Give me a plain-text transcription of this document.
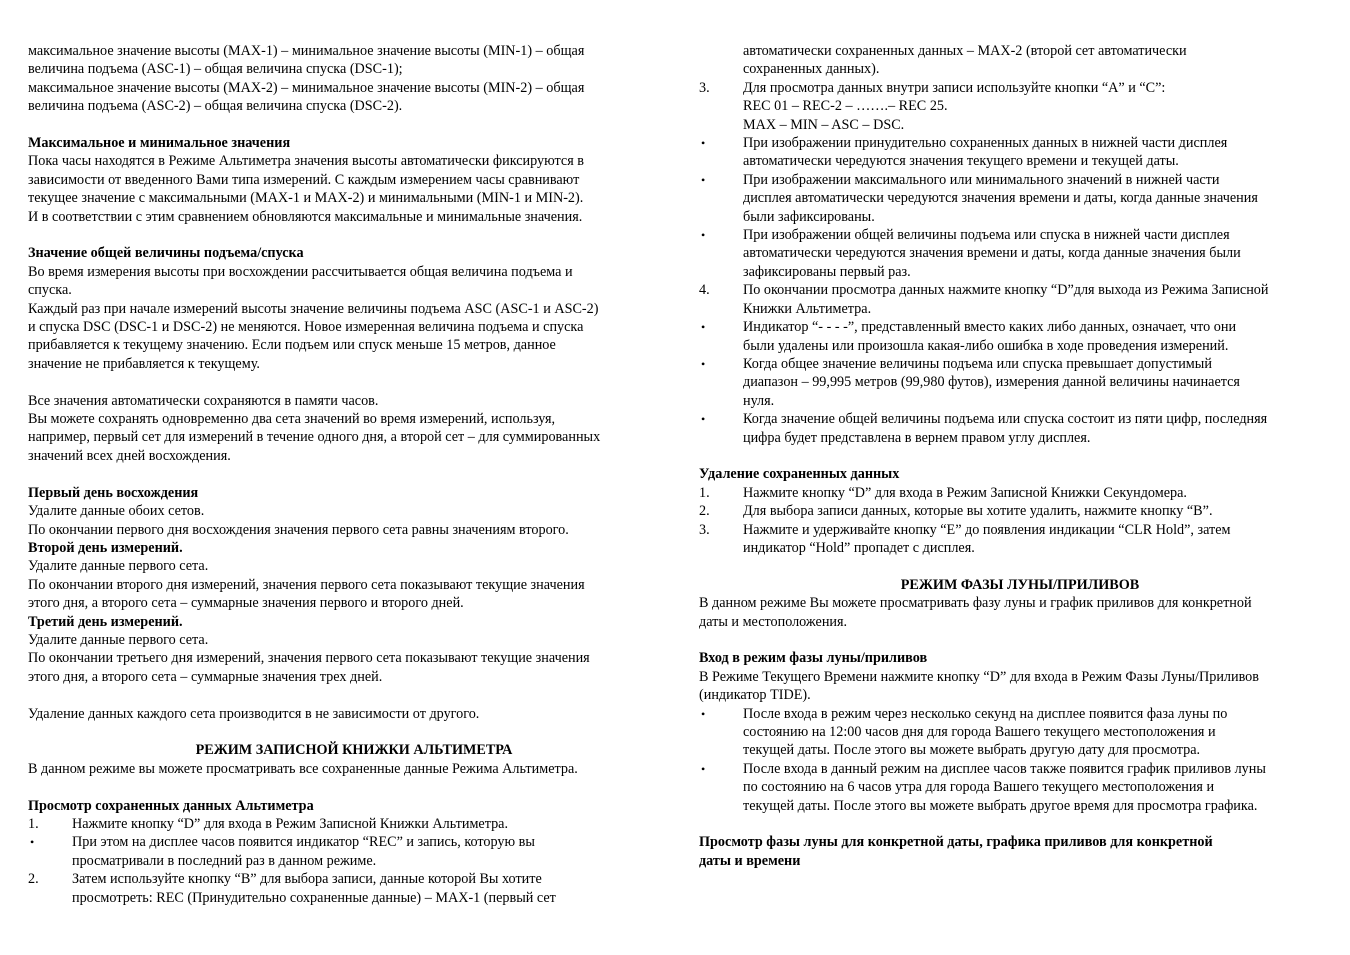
максимальное значение высоты (MAX-1) – минимальное значение высоты (MIN-1) – общая

величина подъема (ASC-1) – общая величина спуска (DSC-1);

максимальное значение высоты (MAX-2) – минимальное значение высоты (MIN-2) – общая

величина подъема (ASC-2) – общая величина спуска (DSC-2).

Максимальное и минимальное значения

Пока часы находятся в Режиме Альтиметра значения высоты автоматически фиксируются в

зависимости от введенного Вами типа измерений. С каждым измерением часы сравнивают

текущее значение с максимальными (MAX-1 и MAX-2) и минимальными (MIN-1 и MIN-2).

И в соответствии с этим сравнением обновляются максимальные и минимальные значения.

Значение общей величины подъема/спуска

Во время измерения высоты при восхождении рассчитывается общая величина подъема и

спуска.

Каждый раз при начале измерений высоты значение величины подъема ASC (ASC-1 и ASC-2)

и спуска DSC (DSC-1 и DSC-2) не меняются. Новое измеренная величина подъема и спуска

прибавляется к текущему значению. Если подъем или спуск меньше 15 метров, данное

значение не прибавляется к текущему.

Все значения автоматически сохраняются в памяти часов.

Вы можете сохранять одновременно два сета значений во время измерений, используя,

например, первый сет для измерений в течение одного дня, а второй сет – для суммированных

значений всех дней восхождения.

Первый день восхождения

Удалите данные обоих сетов.

По окончании первого дня восхождения значения первого сета равны значениям второго.

Второй день измерений.

Удалите данные первого сета.

По окончании второго дня измерений, значения первого сета показывают текущие значения

этого дня, а второго сета – суммарные значения первого и второго дней.

Третий день измерений.

Удалите данные первого сета.

По окончании третьего дня измерений, значения первого сета показывают текущие значения

этого дня, а второго сета – суммарные значения трех дней.

Удаление данных каждого сета производится в не зависимости от другого.

РЕЖИМ ЗАПИСНОЙ КНИЖКИ АЛЬТИМЕТРА

В данном режиме вы можете просматривать все сохраненные данные Режима Альтиметра.

Просмотр сохраненных данных Альтиметра

1.	Нажмите кнопку “D” для входа в Режим Записной Книжки Альтиметра.

•	При этом на дисплее часов появится индикатор “REC” и запись, которую вы

просматривали в последний раз в данном режиме.

2.	Затем используйте кнопку “B” для выбора записи, данные которой Вы хотите

просмотреть: REC (Принудительно сохраненные данные) – MAX-1 (первый сет

автоматически сохраненных данных – MAX-2 (второй сет автоматически

сохраненных данных).

3.	Для просмотра данных внутри записи используйте кнопки “A” и “C”:

REC 01 – REC-2 – …….– REC 25.

MAX – MIN – ASC – DSC.

•	При изображении принудительно сохраненных данных в нижней части дисплея

автоматически чередуются значения текущего времени и текущей даты.

•	При изображении максимального или минимального значений в нижней части

дисплея автоматически чередуются значения времени и даты, когда данные значения

были зафиксированы.

•	При изображении общей величины подъема или спуска в нижней части дисплея

автоматически чередуются значения времени и даты, когда данные значения были

зафиксированы первый раз.

4.	По окончании просмотра данных нажмите кнопку “D”для выхода из Режима Записной

Книжки Альтиметра.

•	Индикатор “- - - -”, представленный вместо каких либо данных, означает, что они

были удалены или произошла какая-либо ошибка в ходе проведения измерений.

•	Когда общее значение величины подъема или спуска превышает допустимый

диапазон – 99,995 метров (99,980 футов), измерения данной величины начинается

нуля.

•	Когда значение общей величины подъема или спуска состоит из пяти цифр, последняя

цифра будет представлена в вернем правом углу дисплея.

Удаление сохраненных данных

1.	Нажмите кнопку “D” для входа в Режим Записной Книжки Секундомера.

2.	Для выбора записи данных, которые вы хотите удалить, нажмите кнопку “B”.

3.	Нажмите и удерживайте кнопку “E” до появления индикации “CLR Hold”, затем

индикатор “Hold” пропадет с дисплея.

РЕЖИМ ФАЗЫ ЛУНЫ/ПРИЛИВОВ

В данном режиме Вы можете просматривать фазу луны и график приливов для конкретной

даты и местоположения.

Вход в режим фазы луны/приливов

В Режиме Текущего Времени нажмите кнопку “D” для входа в Режим Фазы Луны/Приливов

(индикатор TIDE).

•	После входа в режим через несколько секунд на дисплее появится фаза луны по

состоянию на 12:00 часов дня для города Вашего текущего местоположения и

текущей даты. После этого вы можете выбрать другую дату для просмотра.

•	После входа в данный режим на дисплее часов также появится график приливов луны

по состоянию на 6 часов утра для города Вашего текущего местоположения и

текущей даты. После этого вы можете выбрать другое время для просмотра графика.

Просмотр фазы луны для конкретной даты, графика приливов для конкретной

даты и времени
